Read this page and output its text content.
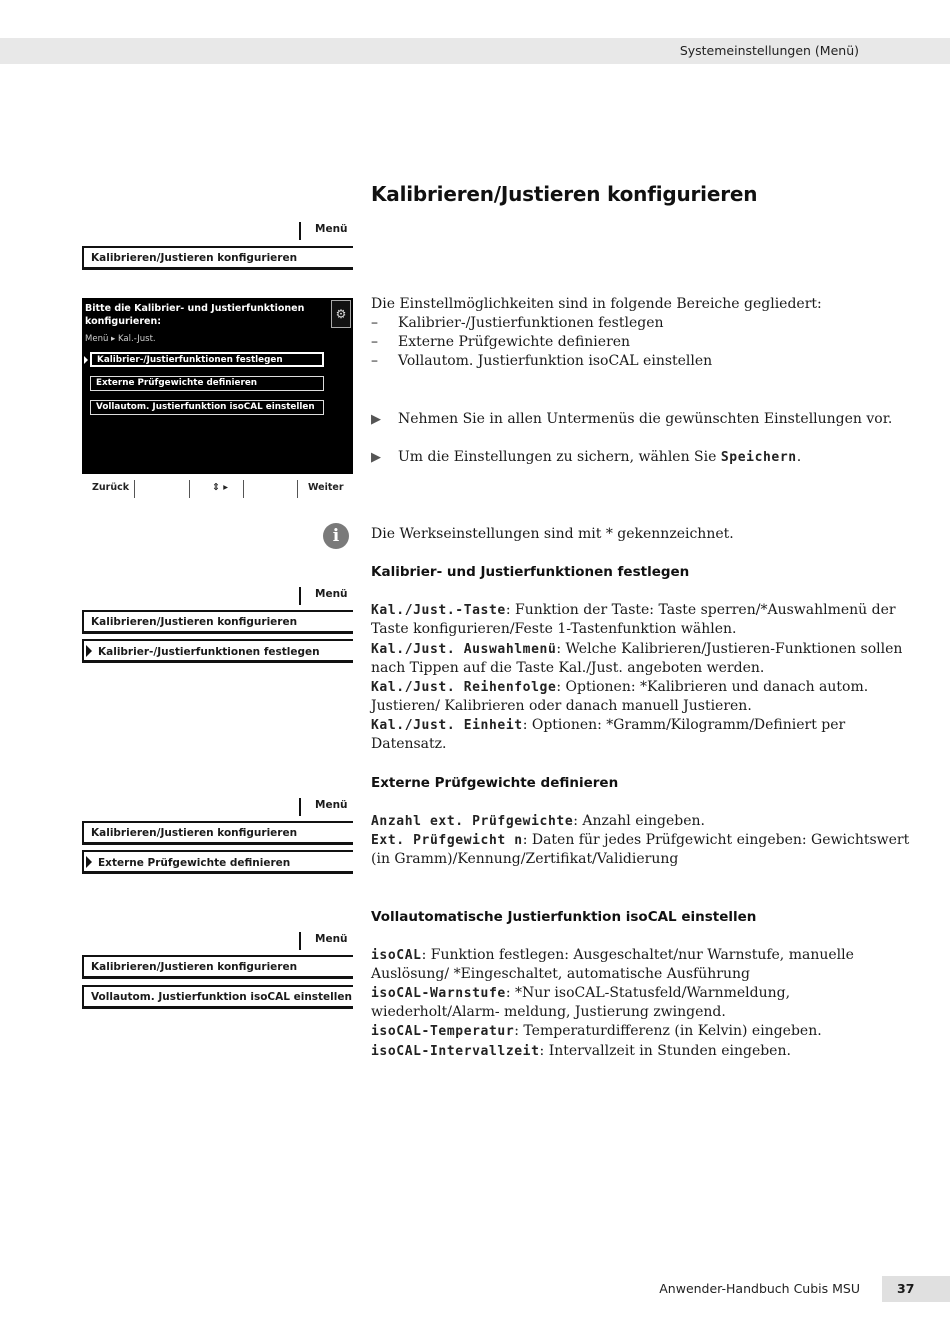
Systemeinstellungen (Menü)
Kalibrieren/Justieren konfigurieren
Menü
Kalibrieren/Justieren konfigurieren
Bitte die Kalibrier- und Justierfunktionen konfigurieren:
⚙
Menü ▸ Kal.-Just.
Kalibrier-/Justierfunktionen festlegen
Externe Prüfgewichte definieren
Vollautom. Justierfunktion isoCAL einstellen
Zurück	⇕ ▸	Weiter
Die Einstellmöglichkeiten sind in folgende Bereiche gegliedert:
– Kalibrier-/Justierfunktionen festlegen
– Externe Prüfgewichte definieren
– Vollautom. Justierfunktion isoCAL einstellen
▶ Nehmen Sie in allen Untermenüs die gewünschten Einstellungen vor.
▶ Um die Einstellungen zu sichern, wählen Sie Speichern.
i	Die Werkseinstellungen sind mit * gekennzeichnet.
Kalibrier- und Justierfunktionen festlegen
Menü
Kalibrieren/Justieren konfigurieren
Kalibrier-/Justierfunktionen festlegen
Kal./Just.-Taste: Funktion der Taste: Taste sperren/*Auswahlmenü der Taste konfigurieren/Feste 1-Tastenfunktion wählen.
Kal./Just. Auswahlmenü: Welche Kalibrieren/Justieren-Funktionen sollen nach Tippen auf die Taste Kal./Just. angeboten werden.
Kal./Just. Reihenfolge: Optionen: *Kalibrieren und danach autom. Justieren/ Kalibrieren oder danach manuell Justieren.
Kal./Just. Einheit: Optionen: *Gramm/Kilogramm/Definiert per Datensatz.
Externe Prüfgewichte definieren
Menü
Kalibrieren/Justieren konfigurieren
Externe Prüfgewichte definieren
Anzahl ext. Prüfgewichte: Anzahl eingeben.
Ext. Prüfgewicht n: Daten für jedes Prüfgewicht eingeben: Gewichtswert (in Gramm)/Kennung/Zertifikat/Validierung
Vollautomatische Justierfunktion isoCAL einstellen
Menü
Kalibrieren/Justieren konfigurieren
Vollautom. Justierfunktion isoCAL einstellen
isoCAL: Funktion festlegen: Ausgeschaltet/nur Warnstufe, manuelle Auslösung/ *Eingeschaltet, automatische Ausführung
isoCAL-Warnstufe: *Nur isoCAL-Statusfeld/Warnmeldung, wiederholt/Alarm- meldung, Justierung zwingend.
isoCAL-Temperatur: Temperaturdifferenz (in Kelvin) eingeben.
isoCAL-Intervallzeit: Intervallzeit in Stunden eingeben.
Anwender-Handbuch Cubis MSU	37
